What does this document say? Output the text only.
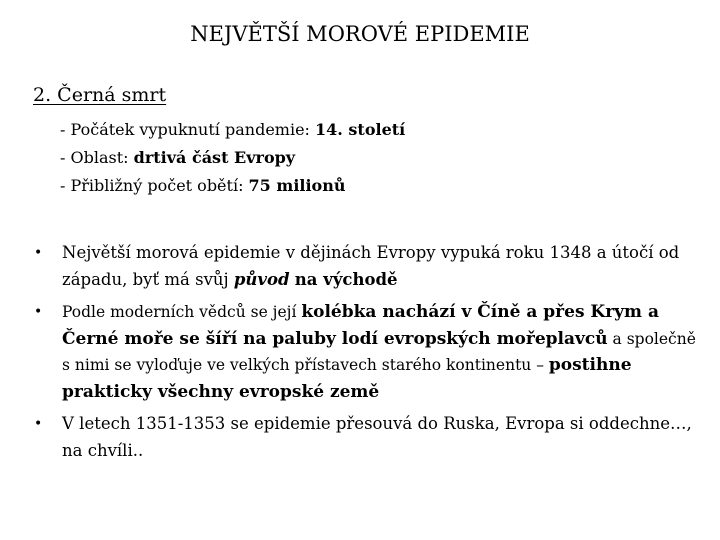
NEJVĚTŠÍ MOROVÉ EPIDEMIE
2. Černá smrt
- Počátek vypuknutí pandemie: 14. století
- Oblast: drtivá část Evropy
- Přibližný počet obětí: 75 milionů
• Největší morová epidemie v dějinách Evropy vypuká roku 1348 a útočí od západu, byť má svůj původ na východě
• Podle moderních vědců se její kolébka nachází v Číně a přes Krym a Černé moře se šíří na paluby lodí evropských mořeplavců a společně s nimi se vyloďuje ve velkých přístavech starého kontinentu – postihne prakticky všechny evropské země
• V letech 1351-1353 se epidemie přesouvá do Ruska, Evropa si oddechne…, na chvíli..
